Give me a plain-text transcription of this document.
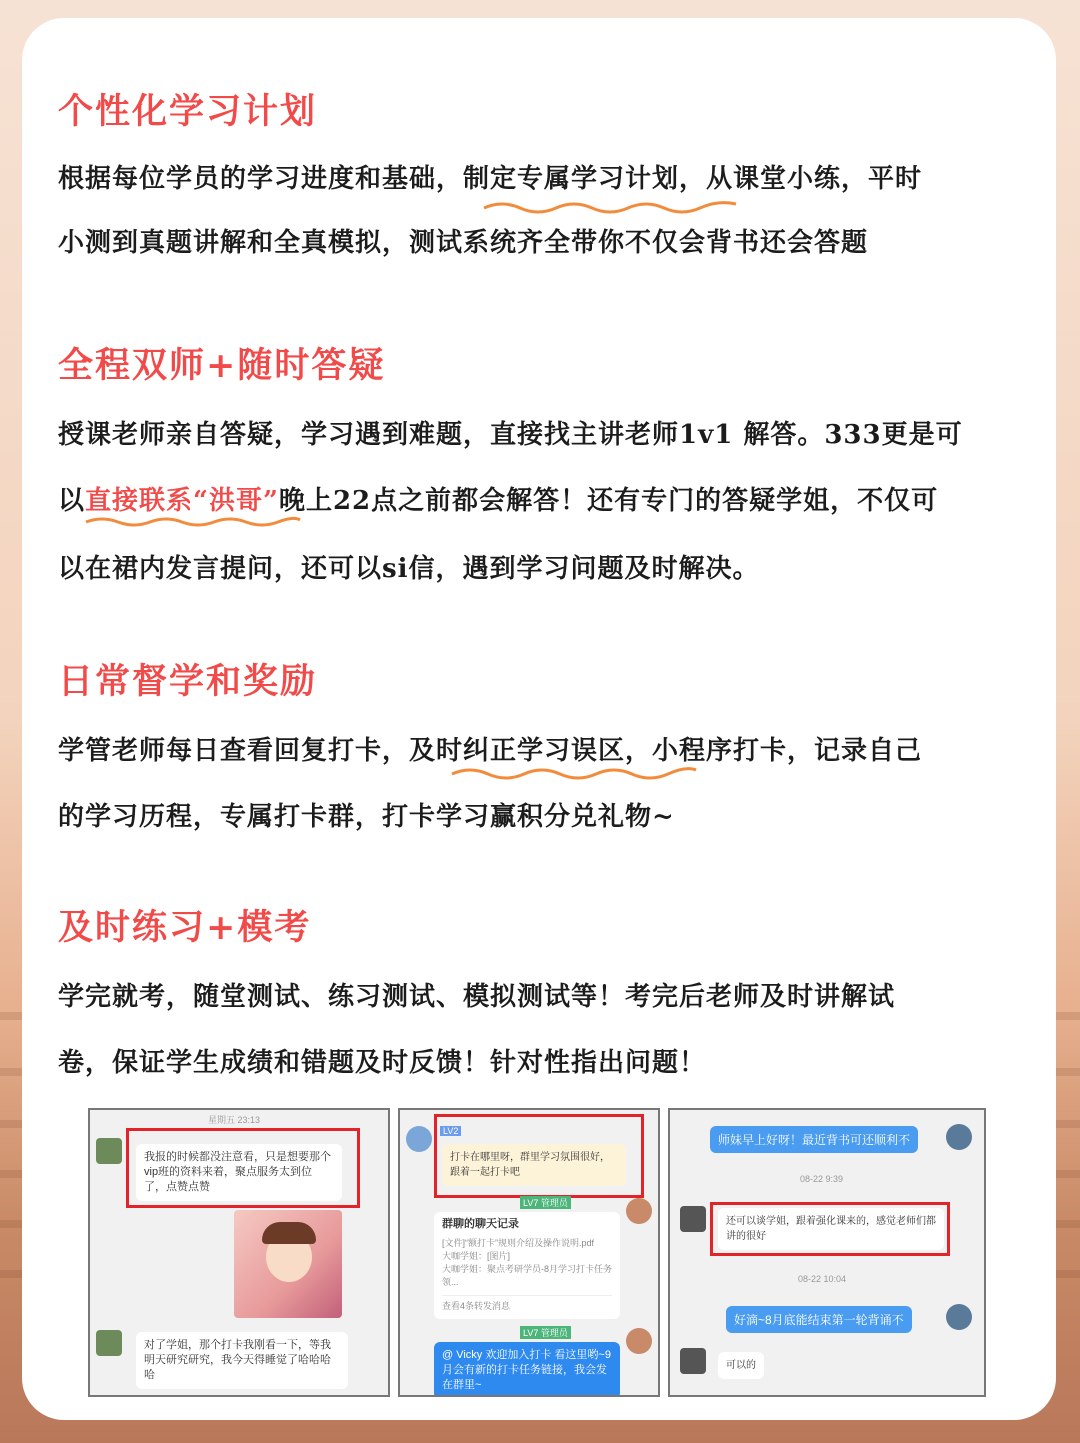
个性化学习计划
根据每位学员的学习进度和基础，制定专属学习计划，从课堂小练，平时
小测到真题讲解和全真模拟，测试系统齐全带你不仅会背书还会答题
全程双师+随时答疑
授课老师亲自答疑，学习遇到难题，直接找主讲老师1v1 解答。333更是可
以直接联系“洪哥”晚上22点之前都会解答！还有专门的答疑学姐，不仅可
以在裙内发言提问，还可以si信，遇到学习问题及时解决。
日常督学和奖励
学管老师每日查看回复打卡，及时纠正学习误区，小程序打卡，记录自己
的学习历程，专属打卡群，打卡学习赢积分兑礼物~
及时练习+模考
学完就考，随堂测试、练习测试、模拟测试等！考完后老师及时讲解试
卷，保证学生成绩和错题及时反馈！针对性指出问题！
星期五 23:13
我报的时候都没注意看，只是想要那个vip班的资料来着，聚点服务太到位了，点赞点赞
对了学姐，那个打卡我刚看一下，等我明天研究研究，我今天得睡觉了哈哈哈哈
LV2
打卡在哪里呀，群里学习氛围很好，跟着一起打卡吧
LV7 管理员
群聊的聊天记录
[文件]“额打卡”规则介绍及操作说明.pdf
大咖学姐：[图片]
大咖学姐：聚点考研学员-8月学习打卡任务领...
查看4条转发消息
LV7 管理员
@ Vicky 欢迎加入打卡 看这里哟~9月会有新的打卡任务链接，我会发在群里~
师妹早上好呀！最近背书可还顺利不
08-22 9:39
还可以谈学姐，跟着强化课来的，感觉老师们都讲的很好
08-22 10:04
好滴~8月底能结束第一轮背诵不
可以的
